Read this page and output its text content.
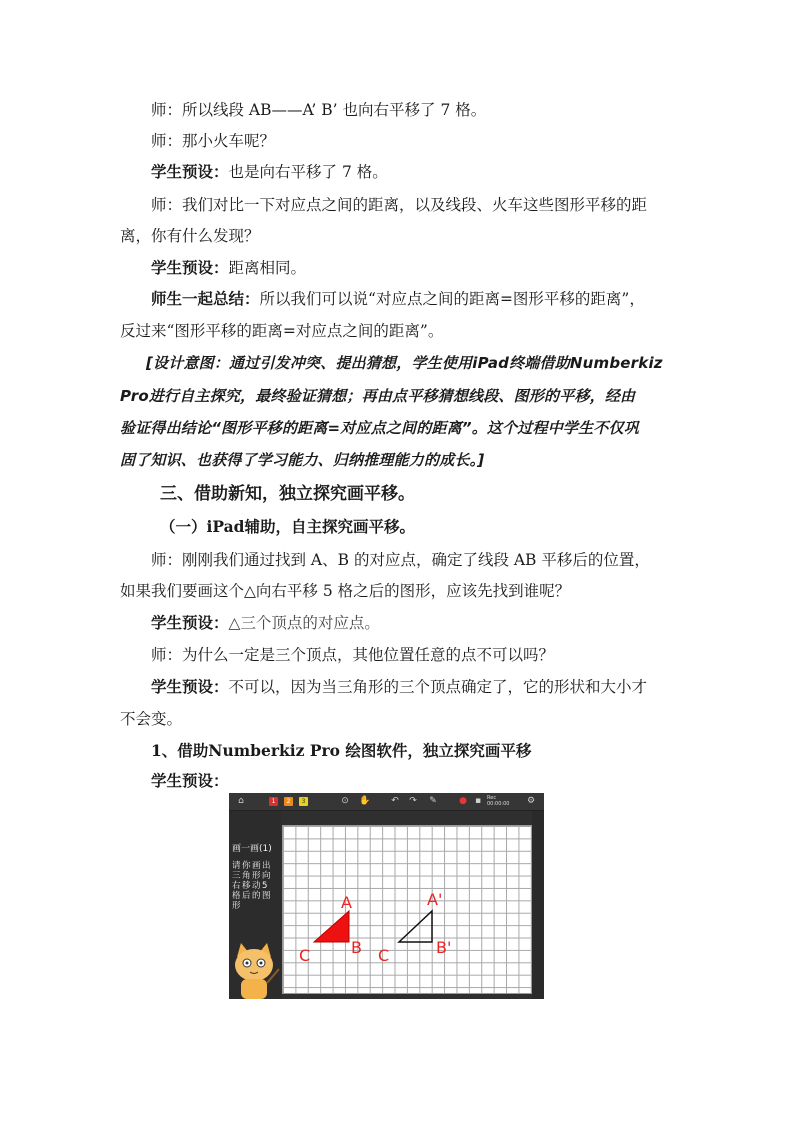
师：所以线段 AB——A’ B’ 也向右平移了 7 格。
师：那小火车呢？
学生预设：也是向右平移了 7 格。
师：我们对比一下对应点之间的距离，以及线段、火车这些图形平移的距
离，你有什么发现？
学生预设：距离相同。
师生一起总结：所以我们可以说“对应点之间的距离=图形平移的距离”，
反过来“图形平移的距离=对应点之间的距离”。
[设计意图：通过引发冲突、提出猜想，学生使用iPad终端借助Numberkiz
Pro进行自主探究，最终验证猜想；再由点平移猜想线段、图形的平移，经由
验证得出结论“图形平移的距离=对应点之间的距离”。这个过程中学生不仅巩
固了知识、也获得了学习能力、归纳推理能力的成长。]
三、借助新知，独立探究画平移。
（一）iPad辅助，自主探究画平移。
师：刚刚我们通过找到 A、B 的对应点，确定了线段 AB 平移后的位置，
如果我们要画这个△向右平移 5 格之后的图形，应该先找到谁呢？
学生预设：△三个顶点的对应点。
师：为什么一定是三个顶点，其他位置任意的点不可以吗？
学生预设：不可以，因为当三角形的三个顶点确定了，它的形状和大小才
不会变。
1、借助Numberkiz Pro 绘图软件，独立探究画平移
学生预设：
⌂	1	2	3	⊙ ✋ ↶ ↷ ✎ ● ▪	Rec
00:00:00 ⚙
画一画(1)
请你画出三角形向右移动5格后的图形	A
B
C
A'
B'
C
